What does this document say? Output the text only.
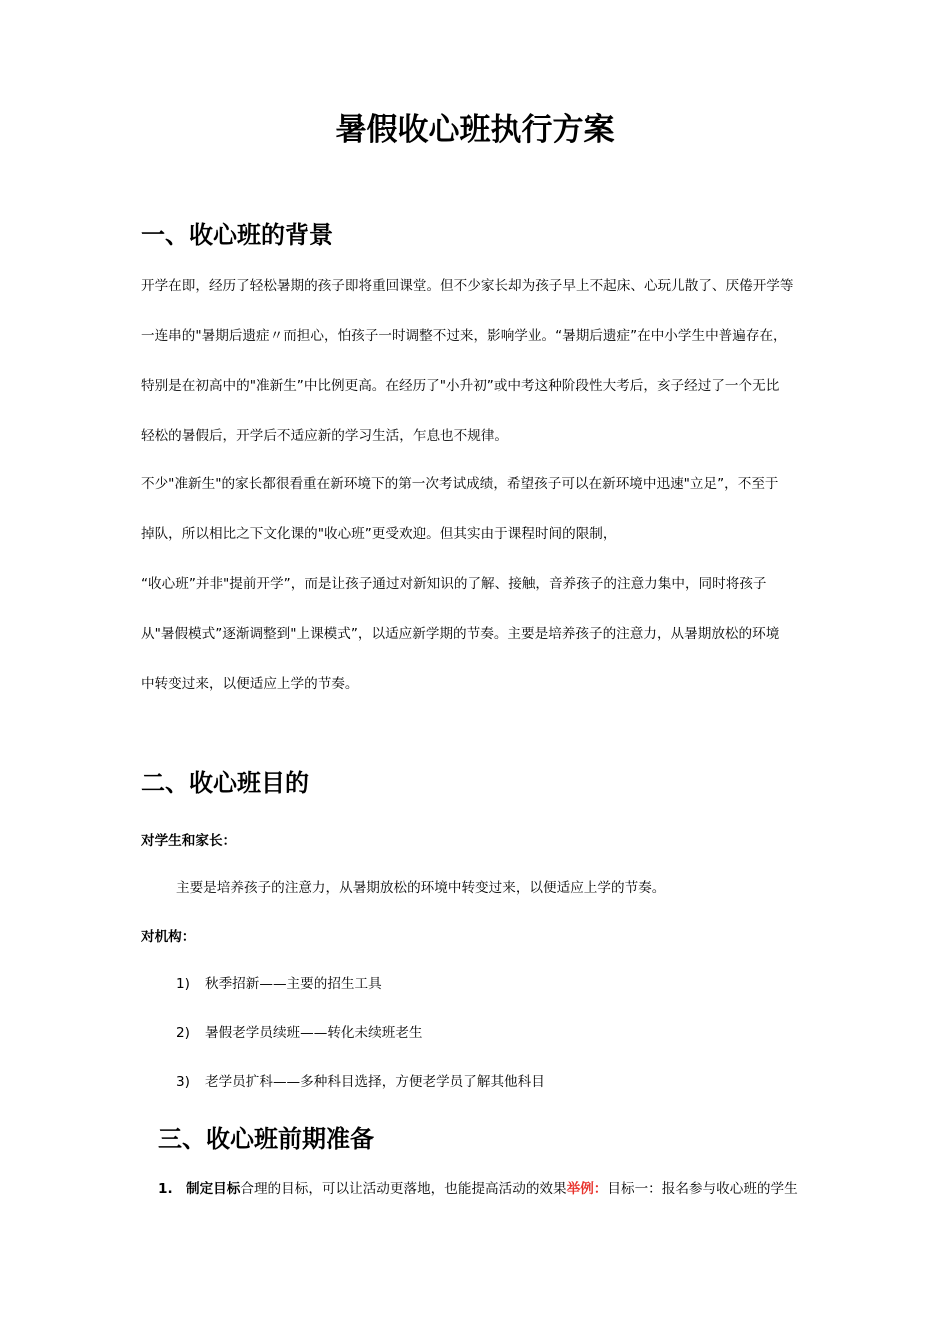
暑假收心班执行方案
一、收心班的背景
开学在即，经历了轻松暑期的孩子即将重回课堂。但不少家长却为孩子早上不起床、心玩儿散了、厌倦开学等
一连串的"暑期后遗症〃而担心，怕孩子一时调整不过来，影响学业。“暑期后遗症”在中小学生中普遍存在，
特别是在初高中的"准新生”中比例更高。在经历了"小升初”或中考这种阶段性大考后，亥子经过了一个无比
轻松的暑假后，开学后不适应新的学习生活，乍息也不规律。
不少"准新生"的家长都很看重在新环境下的第一次考试成绩，希望孩子可以在新环境中迅速"立足”，不至于
掉队，所以相比之下文化课的"收心班”更受欢迎。但其实由于课程时间的限制，
“收心班”并非"提前开学”，而是让孩子通过对新知识的了解、接触，音养孩子的注意力集中，同时将孩子
从"暑假模式”逐渐调整到"上课模式”，以适应新学期的节奏。主要是培养孩子的注意力，从暑期放松的环境
中转变过来，以便适应上学的节奏。
二、收心班目的
对学生和家长：
主要是培养孩子的注意力，从暑期放松的环境中转变过来，以便适应上学的节奏。
对机构：
1) 秋季招新——主要的招生工具
2) 暑假老学员续班——转化未续班老生
3) 老学员扩科——多种科目选择，方便老学员了解其他科目
三、收心班前期准备
1. 制定目标合理的目标，可以让活动更落地，也能提高活动的效果举例：目标一：报名参与收心班的学生
